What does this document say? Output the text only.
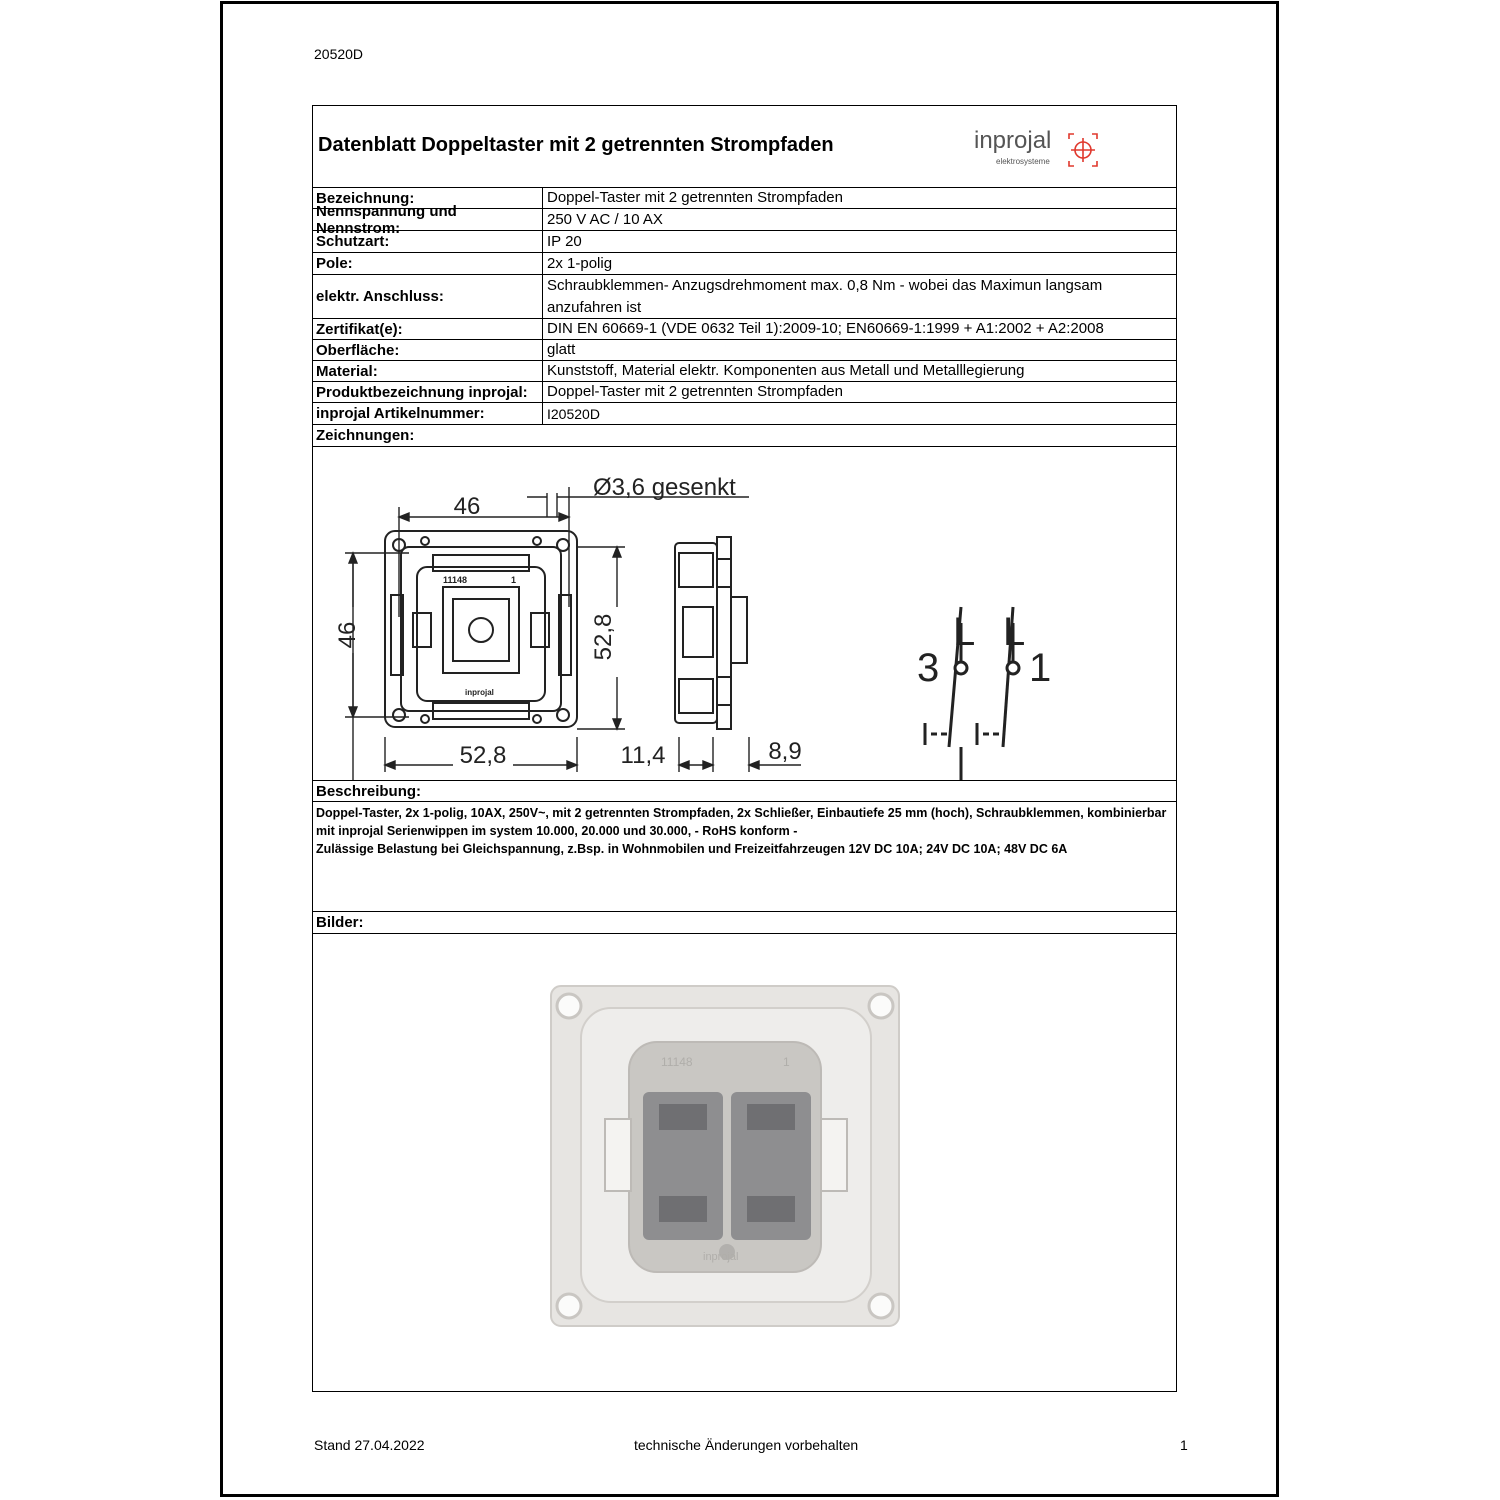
20520D
Datenblatt Doppeltaster mit 2 getrennten Strompfaden	inprojal
elektrosysteme
Bezeichnung:	Doppel-Taster mit 2 getrennten Strompfaden
Nennspannung und Nennstrom:
250 V AC / 10 AX
Schutzart:	IP 20
Pole:	2x 1-polig
elektr. Anschluss:
Schraubklemmen- Anzugsdrehmoment max. 0,8 Nm - wobei das Maximun langsam anzufahren ist
Zertifikat(e):	DIN EN 60669-1 (VDE 0632 Teil 1):2009-10; EN60669-1:1999 + A1:2002 + A2:2008
Oberfläche:	glatt
Material:	Kunststoff, Material elektr. Komponenten aus Metall und Metalllegierung
Produktbezeichnung inprojal:	Doppel-Taster mit 2 getrennten Strompfaden
inprojal Artikelnummer:	I20520D
Zeichnungen:
11148	1
inprojal
46
Ø3,6 gesenkt
46	52,8
52,8	11,4	8,9
L L
3 1
Beschreibung:
Doppel-Taster, 2x 1-polig, 10AX, 250V~, mit 2 getrennten Strompfaden, 2x Schließer, Einbautiefe 25 mm (hoch), Schraubklemmen, kombinierbar
mit inprojal Serienwippen im system 10.000, 20.000 und 30.000, - RoHS konform -
Zulässige Belastung bei Gleichspannung, z.Bsp. in Wohnmobilen und Freizeitfahrzeugen 12V DC 10A; 24V DC 10A; 48V DC 6A
Bilder:
11148	1
inprojal
Stand 27.04.2022	technische Änderungen vorbehalten	1
